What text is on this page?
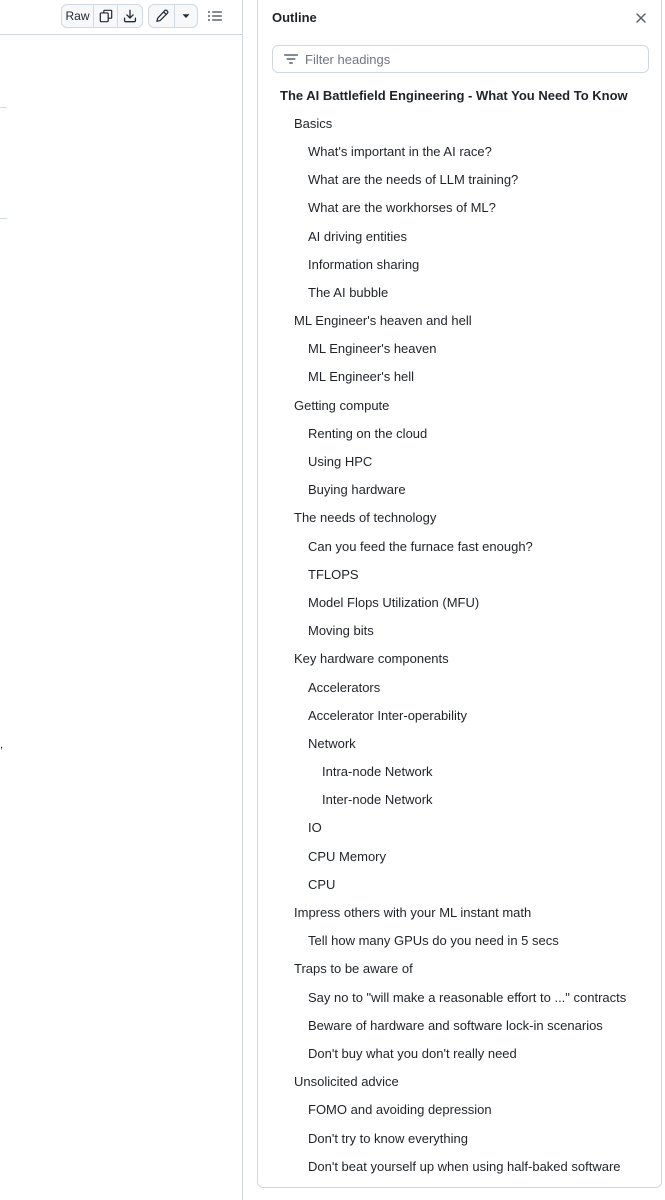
Raw
,
Outline
Filter headings
The AI Battlefield Engineering - What You Need To Know
Basics
What's important in the AI race?
What are the needs of LLM training?
What are the workhorses of ML?
AI driving entities
Information sharing
The AI bubble
ML Engineer's heaven and hell
ML Engineer's heaven
ML Engineer's hell
Getting compute
Renting on the cloud
Using HPC
Buying hardware
The needs of technology
Can you feed the furnace fast enough?
TFLOPS
Model Flops Utilization (MFU)
Moving bits
Key hardware components
Accelerators
Accelerator Inter-operability
Network
Intra-node Network
Inter-node Network
IO
CPU Memory
CPU
Impress others with your ML instant math
Tell how many GPUs do you need in 5 secs
Traps to be aware of
Say no to "will make a reasonable effort to ..." contracts
Beware of hardware and software lock-in scenarios
Don't buy what you don't really need
Unsolicited advice
FOMO and avoiding depression
Don't try to know everything
Don't beat yourself up when using half-baked software
